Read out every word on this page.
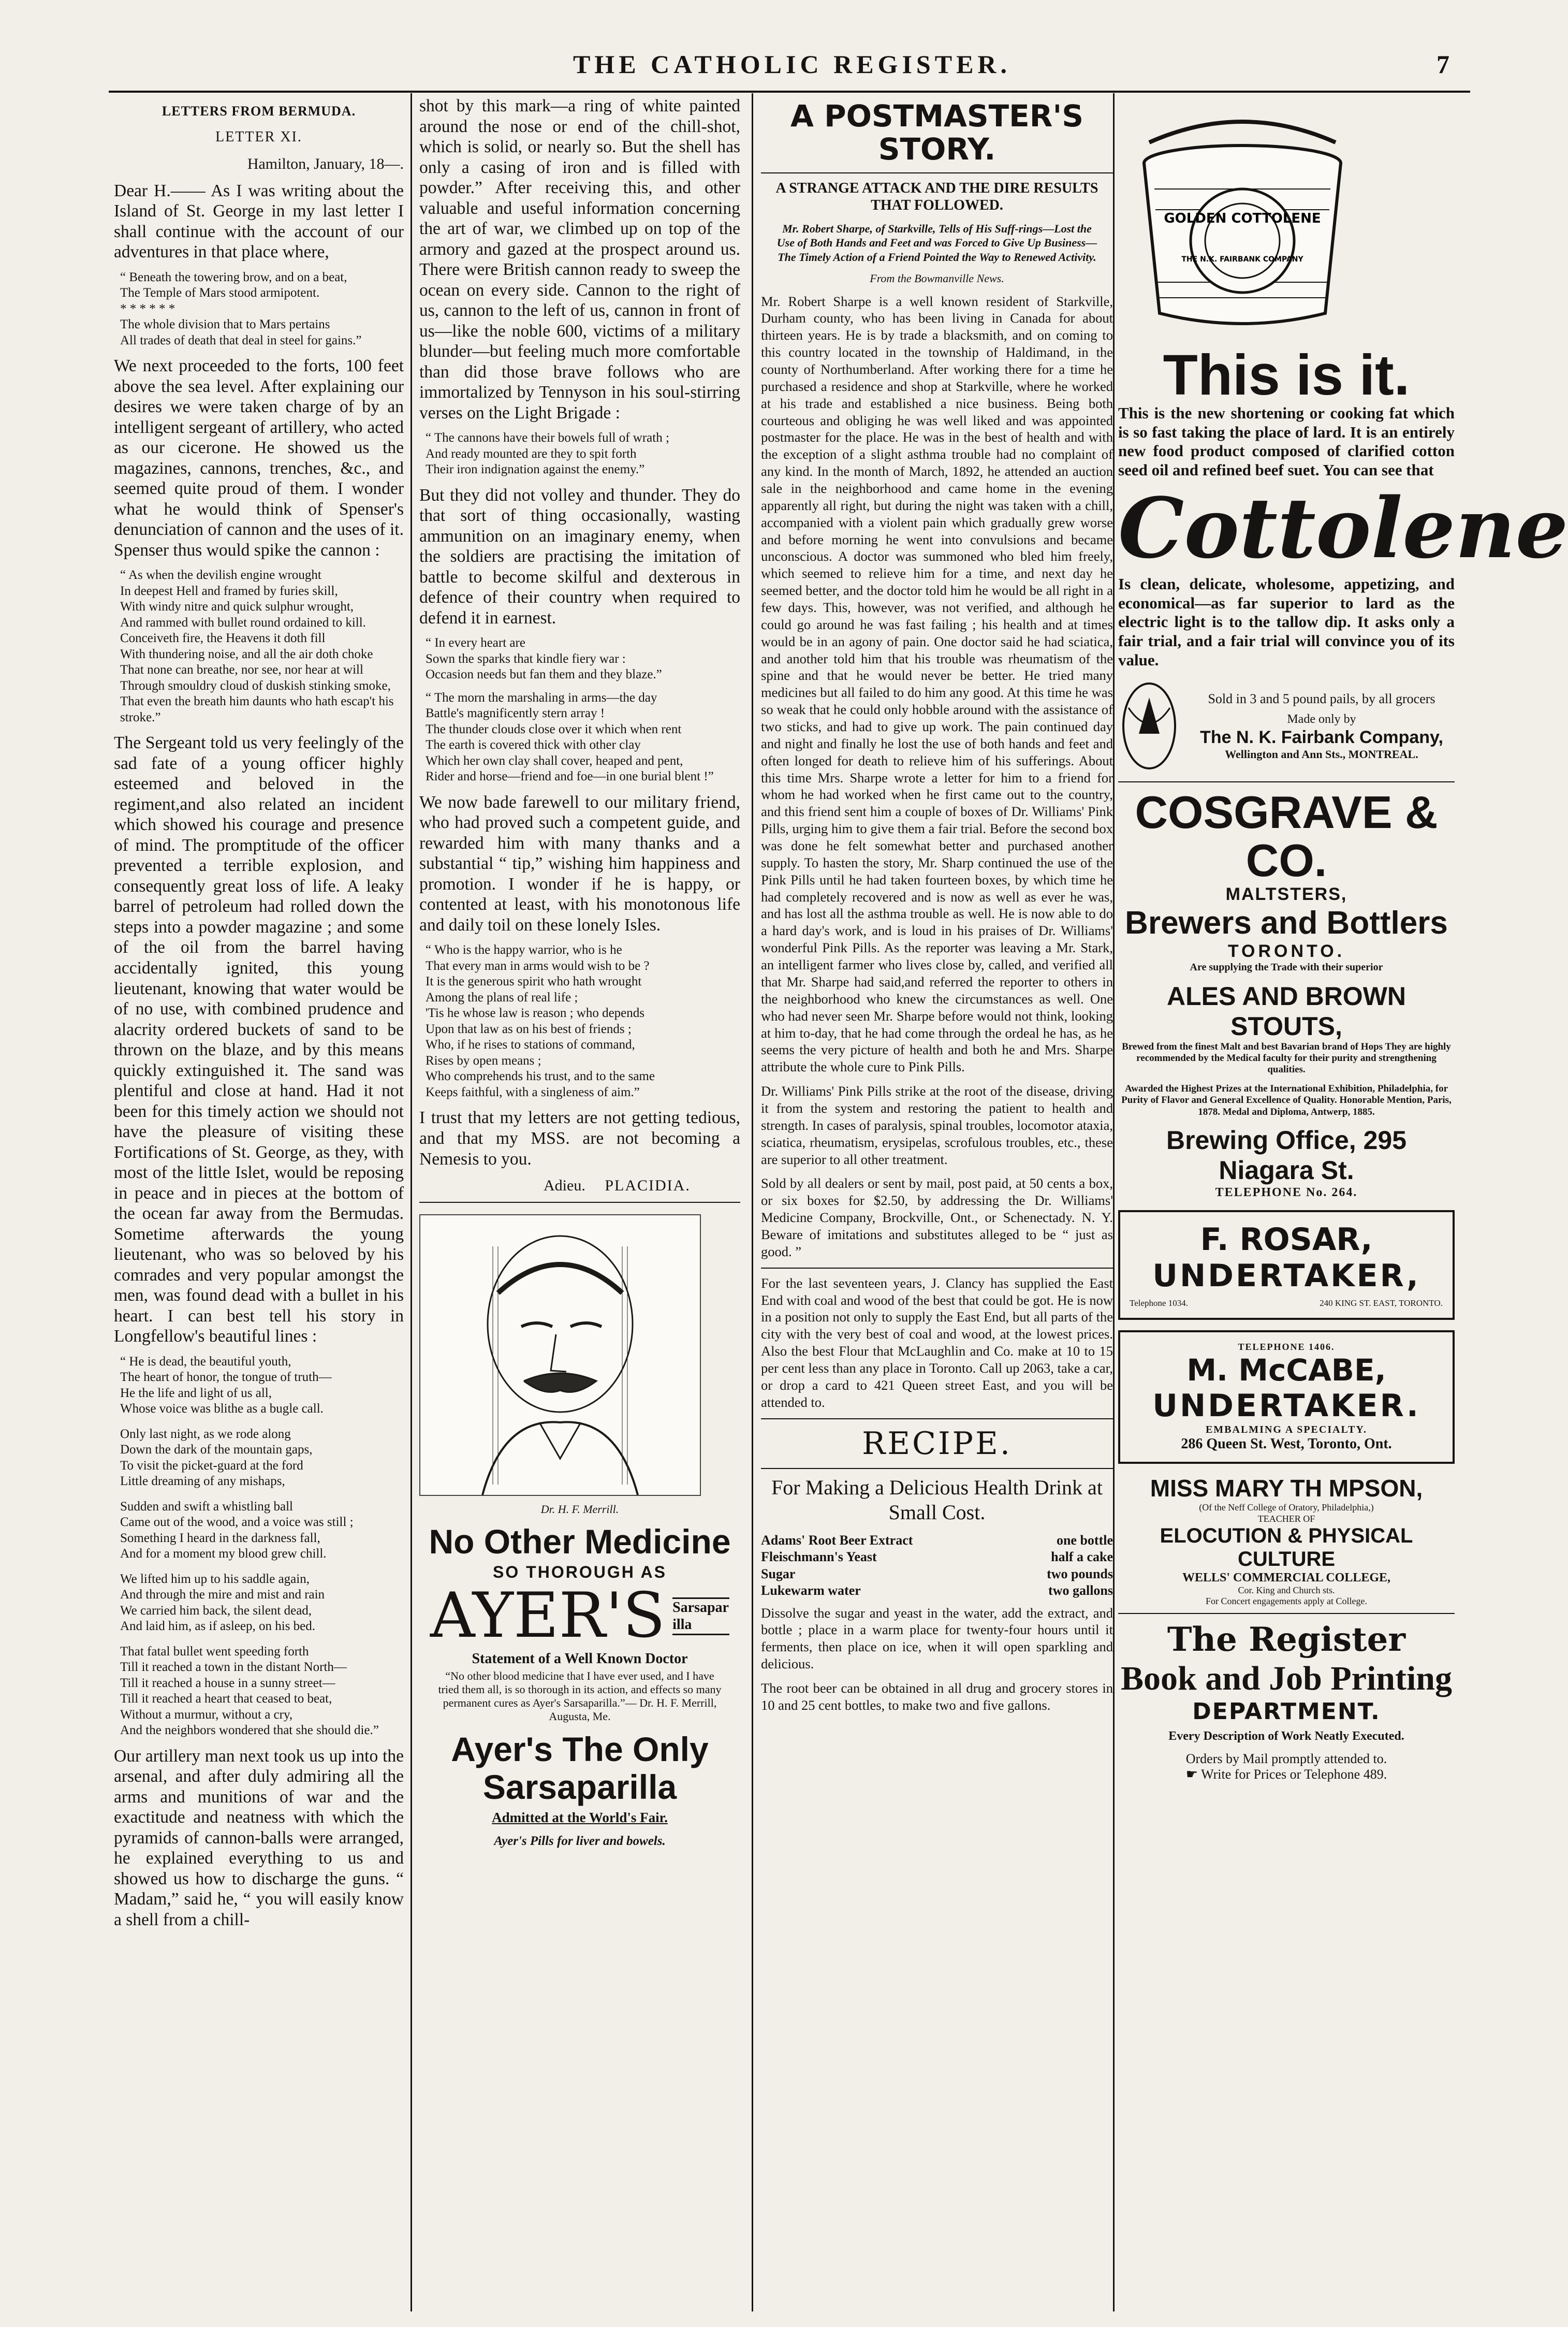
THE CATHOLIC REGISTER.	7

LETTERS FROM BERMUDA.

LETTER XI.

Hamilton, January, 18—.

Dear H.—— As I was writing about the Island of St. George in my last letter I shall continue with the account of our adventures in that place where,

“ Beneath the towering brow, and on a beat,
The Temple of Mars stood armipotent.
* * * * * *
The whole division that to Mars pertains
All trades of death that deal in steel for gains.”

We next proceeded to the forts, 100 feet above the sea level. After explaining our desires we were taken charge of by an intelligent sergeant of artillery, who acted as our cicerone. He showed us the magazines, cannons, trenches, &c., and seemed quite proud of them. I wonder what he would think of Spenser's denunciation of cannon and the uses of it. Spenser thus would spike the cannon :

“ As when the devilish engine wrought
In deepest Hell and framed by furies skill,
With windy nitre and quick sulphur wrought,
And rammed with bullet round ordained to kill.
Conceiveth fire, the Heavens it doth fill
With thundering noise, and all the air doth choke
That none can breathe, nor see, nor hear at will
Through smouldry cloud of duskish stinking smoke,
That even the breath him daunts who hath escap't his stroke.”

The Sergeant told us very feelingly of the sad fate of a young officer highly esteemed and beloved in the regiment,and also related an incident which showed his courage and presence of mind. The promptitude of the officer prevented a terrible explosion, and consequently great loss of life. A leaky barrel of petroleum had rolled down the steps into a powder magazine ; and some of the oil from the barrel having accidentally ignited, this young lieutenant, knowing that water would be of no use, with combined prudence and alacrity ordered buckets of sand to be thrown on the blaze, and by this means quickly extinguished it. The sand was plentiful and close at hand. Had it not been for this timely action we should not have the pleasure of visiting these Fortifications of St. George, as they, with most of the little Islet, would be reposing in peace and in pieces at the bottom of the ocean far away from the Bermudas. Sometime afterwards the young lieutenant, who was so beloved by his comrades and very popular amongst the men, was found dead with a bullet in his heart. I can best tell his story in Longfellow's beautiful lines :

“ He is dead, the beautiful youth,
The heart of honor, the tongue of truth—
He the life and light of us all,
Whose voice was blithe as a bugle call.
Only last night, as we rode along
Down the dark of the mountain gaps,
To visit the picket-guard at the ford
Little dreaming of any mishaps,
Sudden and swift a whistling ball
Came out of the wood, and a voice was still ;
Something I heard in the darkness fall,
And for a moment my blood grew chill.
We lifted him up to his saddle again,
And through the mire and mist and rain
We carried him back, the silent dead,
And laid him, as if asleep, on his bed.
That fatal bullet went speeding forth
Till it reached a town in the distant North—
Till it reached a house in a sunny street—
Till it reached a heart that ceased to beat,
Without a murmur, without a cry,
And the neighbors wondered that she should die.”

Our artillery man next took us up into the arsenal, and after duly admiring all the arms and munitions of war and the exactitude and neatness with which the pyramids of cannon-balls were arranged, he explained everything to us and showed us how to discharge the guns. “ Madam,” said he, “ you will easily know a shell from a chill-

shot by this mark—a ring of white painted around the nose or end of the chill-shot, which is solid, or nearly so. But the shell has only a casing of iron and is filled with powder.” After receiving this, and other valuable and useful information concerning the art of war, we climbed up on top of the armory and gazed at the prospect around us. There were British cannon ready to sweep the ocean on every side. Cannon to the right of us, cannon to the left of us, cannon in front of us—like the noble 600, victims of a military blunder—but feeling much more comfortable than did those brave follows who are immortalized by Tennyson in his soul-stirring verses on the Light Brigade :

“ The cannons have their bowels full of wrath ;
And ready mounted are they to spit forth
Their iron indignation against the enemy.”

But they did not volley and thunder. They do that sort of thing occasionally, wasting ammunition on an imaginary enemy, when the soldiers are practising the imitation of battle to become skilful and dexterous in defence of their country when required to defend it in earnest.

“ In every heart are
Sown the sparks that kindle fiery war :
Occasion needs but fan them and they blaze.”
“ The morn the marshaling in arms—the day
Battle's magnificently stern array !
The thunder clouds close over it which when rent
The earth is covered thick with other clay
Which her own clay shall cover, heaped and pent,
Rider and horse—friend and foe—in one burial blent !”

We now bade farewell to our military friend, who had proved such a competent guide, and rewarded him with many thanks and a substantial “ tip,” wishing him happiness and promotion. I wonder if he is happy, or contented at least, with his monotonous life and daily toil on these lonely Isles.

“ Who is the happy warrior, who is he
That every man in arms would wish to be ?
It is the generous spirit who hath wrought
Among the plans of real life ;
'Tis he whose law is reason ; who depends
Upon that law as on his best of friends ;
Who, if he rises to stations of command,
Rises by open means ;
Who comprehends his trust, and to the same
Keeps faithful, with a singleness of aim.”

I trust that my letters are not getting tedious, and that my MSS. are not becoming a Nemesis to you.

Adieu. PLACIDIA.

Dr. H. F. Merrill.

No Other Medicine
SO THOROUGH AS
AYER'S Sarsaparilla

Statement of a Well Known Doctor

“No other blood medicine that I have ever used, and I have tried them all, is so thorough in its action, and effects so many permanent cures as Ayer's Sarsaparilla.”— Dr. H. F. Merrill, Augusta, Me.

Ayer's The Only Sarsaparilla

Admitted at the World's Fair.

Ayer's Pills for liver and bowels.

A POSTMASTER'S STORY.

A STRANGE ATTACK AND THE DIRE RESULTS THAT FOLLOWED.

Mr. Robert Sharpe, of Starkville, Tells of His Suff-rings—Lost the Use of Both Hands and Feet and was Forced to Give Up Business—The Timely Action of a Friend Pointed the Way to Renewed Activity.

From the Bowmanville News.

Mr. Robert Sharpe is a well known resident of Starkville, Durham county, who has been living in Canada for about thirteen years. He is by trade a blacksmith, and on coming to this country located in the township of Haldimand, in the county of Northumberland. After working there for a time he purchased a residence and shop at Starkville, where he worked at his trade and established a nice business. Being both courteous and obliging he was well liked and was appointed postmaster for the place. He was in the best of health and with the exception of a slight asthma trouble had no complaint of any kind. In the month of March, 1892, he attended an auction sale in the neighborhood and came home in the evening apparently all right, but during the night was taken with a chill, accompanied with a violent pain which gradually grew worse and before morning he went into convulsions and became unconscious. A doctor was summoned who bled him freely, which seemed to relieve him for a time, and next day he seemed better, and the doctor told him he would be all right in a few days. This, however, was not verified, and although he could go around he was fast failing ; his health and at times would be in an agony of pain. One doctor said he had sciatica, and another told him that his trouble was rheumatism of the spine and that he would never be better. He tried many medicines but all failed to do him any good. At this time he was so weak that he could only hobble around with the assistance of two sticks, and had to give up work. The pain continued day and night and finally he lost the use of both hands and feet and often longed for death to relieve him of his sufferings. About this time Mrs. Sharpe wrote a letter for him to a friend for whom he had worked when he first came out to the country, and this friend sent him a couple of boxes of Dr. Williams' Pink Pills, urging him to give them a fair trial. Before the second box was done he felt somewhat better and purchased another supply. To hasten the story, Mr. Sharp continued the use of the Pink Pills until he had taken fourteen boxes, by which time he had completely recovered and is now as well as ever he was, and has lost all the asthma trouble as well. He is now able to do a hard day's work, and is loud in his praises of Dr. Williams' wonderful Pink Pills. As the reporter was leaving a Mr. Stark, an intelligent farmer who lives close by, called, and verified all that Mr. Sharpe had said,and referred the reporter to others in the neighborhood who knew the circumstances as well. One who had never seen Mr. Sharpe before would not think, looking at him to-day, that he had come through the ordeal he has, as he seems the very picture of health and both he and Mrs. Sharpe attribute the whole cure to Pink Pills.

Dr. Williams' Pink Pills strike at the root of the disease, driving it from the system and restoring the patient to health and strength. In cases of paralysis, spinal troubles, locomotor ataxia, sciatica, rheumatism, erysipelas, scrofulous troubles, etc., these are superior to all other treatment.

Sold by all dealers or sent by mail, post paid, at 50 cents a box, or six boxes for $2.50, by addressing the Dr. Williams' Medicine Company, Brockville, Ont., or Schenectady. N. Y. Beware of imitations and substitutes alleged to be “ just as good. ”

For the last seventeen years, J. Clancy has supplied the East End with coal and wood of the best that could be got. He is now in a position not only to supply the East End, but all parts of the city with the very best of coal and wood, at the lowest prices. Also the best Flour that McLaughlin and Co. make at 10 to 15 per cent less than any place in Toronto. Call up 2063, take a car, or drop a card to 421 Queen street East, and you will be attended to.

RECIPE.

For Making a Delicious Health Drink at Small Cost.

Adams' Root Beer Extract	one bottle
Fleischmann's Yeast	half a cake
Sugar	two pounds
Lukewarm water	two gallons

Dissolve the sugar and yeast in the water, add the extract, and bottle ; place in a warm place for twenty-four hours until it ferments, then place on ice, when it will open sparkling and delicious.

The root beer can be obtained in all drug and grocery stores in 10 and 25 cent bottles, to make two and five gallons.

GOLDEN COTTOLENE
THE N.K. FAIRBANK COMPANY
This is it.

This is the new shortening or cooking fat which is so fast taking the place of lard. It is an entirely new food product composed of clarified cotton seed oil and refined beef suet. You can see that

Cottolene

Is clean, delicate, wholesome, appetizing, and economical—as far superior to lard as the electric light is to the tallow dip. It asks only a fair trial, and a fair trial will convince you of its value.

Sold in 3 and 5 pound pails, by all grocers

Made only by

The N. K. Fairbank Company,

Wellington and Ann Sts., MONTREAL.

COSGRAVE & CO.
MALTSTERS,
Brewers and Bottlers
TORONTO.

Are supplying the Trade with their superior

ALES AND BROWN STOUTS,

Brewed from the finest Malt and best Bavarian brand of Hops They are highly recommended by the Medical faculty for their purity and strengthening qualities.

Awarded the Highest Prizes at the International Exhibition, Philadelphia, for Purity of Flavor and General Excellence of Quality. Honorable Mention, Paris, 1878. Medal and Diploma, Antwerp, 1885.

Brewing Office, 295 Niagara St.

TELEPHONE No. 264.

F. ROSAR,
UNDERTAKER,
Telephone 1034.	240 KING ST. EAST, TORONTO.
TELEPHONE 1406.
M. McCABE,
UNDERTAKER.
EMBALMING A SPECIALTY.
286 Queen St. West, Toronto, Ont.
MISS MARY TH MPSON,

(Of the Neff College of Oratory, Philadelphia,)

TEACHER OF

ELOCUTION & PHYSICAL CULTURE
WELLS' COMMERCIAL COLLEGE,

Cor. King and Church sts.

For Concert engagements apply at College.

The Register
Book and Job Printing
DEPARTMENT.

Every Description of Work Neatly Executed.

Orders by Mail promptly attended to.

☛ Write for Prices or Telephone 489.
